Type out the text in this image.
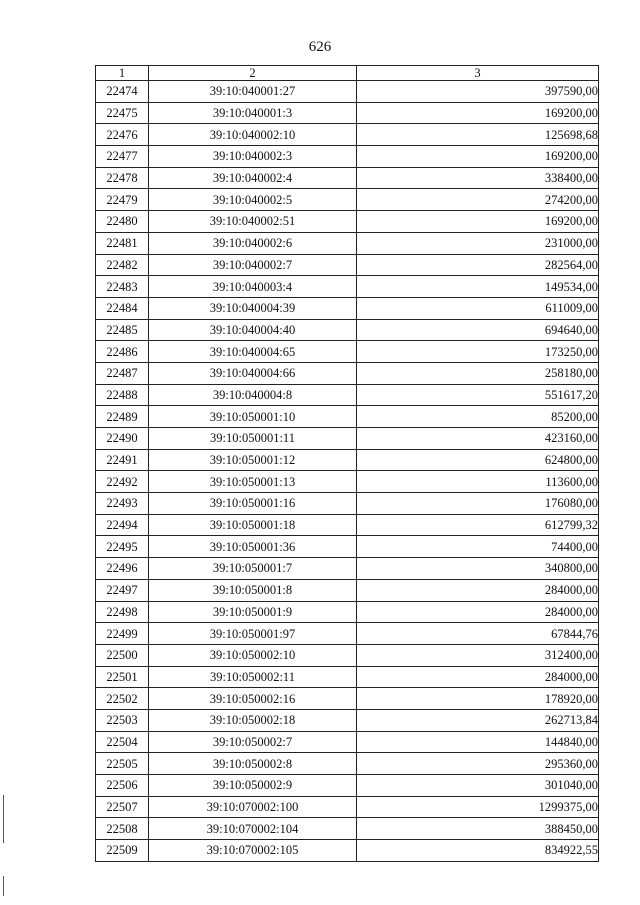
626
1	2	3
22474	39:10:040001:27	397590,00
22475	39:10:040001:3	169200,00
22476	39:10:040002:10	125698,68
22477	39:10:040002:3	169200,00
22478	39:10:040002:4	338400,00
22479	39:10:040002:5	274200,00
22480	39:10:040002:51	169200,00
22481	39:10:040002:6	231000,00
22482	39:10:040002:7	282564,00
22483	39:10:040003:4	149534,00
22484	39:10:040004:39	611009,00
22485	39:10:040004:40	694640,00
22486	39:10:040004:65	173250,00
22487	39:10:040004:66	258180,00
22488	39:10:040004:8	551617,20
22489	39:10:050001:10	85200,00
22490	39:10:050001:11	423160,00
22491	39:10:050001:12	624800,00
22492	39:10:050001:13	113600,00
22493	39:10:050001:16	176080,00
22494	39:10:050001:18	612799,32
22495	39:10:050001:36	74400,00
22496	39:10:050001:7	340800,00
22497	39:10:050001:8	284000,00
22498	39:10:050001:9	284000,00
22499	39:10:050001:97	67844,76
22500	39:10:050002:10	312400,00
22501	39:10:050002:11	284000,00
22502	39:10:050002:16	178920,00
22503	39:10:050002:18	262713,84
22504	39:10:050002:7	144840,00
22505	39:10:050002:8	295360,00
22506	39:10:050002:9	301040,00
22507	39:10:070002:100	1299375,00
22508	39:10:070002:104	388450,00
22509	39:10:070002:105	834922,55
